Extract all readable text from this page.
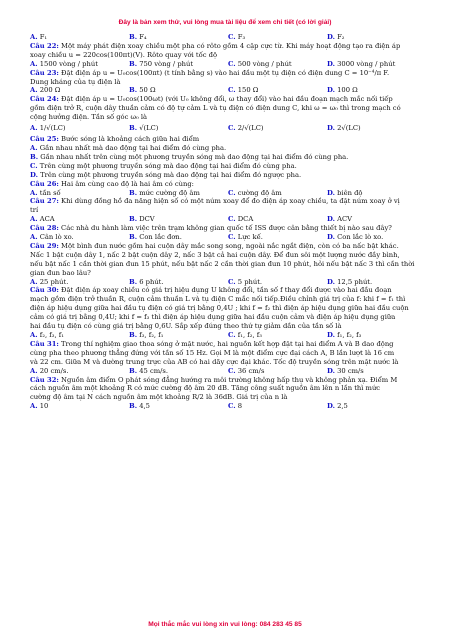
Đây là bản xem thử, vui lòng mua tài liệu để xem chi tiết (có lời giải)
A. F₁	B. F₄	C. F₃	D. F₂
Câu 22: Một máy phát điện xoay chiều một pha có rôto gồm 4 cặp cực từ. Khi máy hoạt động tạo ra điện áp
xoay chiều u = 220cos(100πt)(V). Rôto quay với tốc độ
A. 1500 vòng / phút	B. 750 vòng / phút	C. 500 vòng / phút	D. 3000 vòng / phút
Câu 23: Đặt điện áp u = U₀cos(100πt) (t tính bằng s) vào hai đầu một tụ điện có điện dung C = 10⁻⁴/π F.
Dung kháng của tụ điện là
A. 200 Ω	B. 50 Ω	C. 150 Ω	D. 100 Ω
Câu 24: Đặt điện áp u = U₀cos(100ωt) (với U₀ không đổi, ω thay đổi) vào hai đầu đoạn mạch mắc nối tiếp
gồm điện trở R, cuộn dây thuần cảm có độ tự cảm L và tụ điện có điện dung C, khi ω = ω₀ thì trong mạch có
cộng hưởng điện. Tần số góc ω₀ là
A. 1/√(LC)	B. √(LC)	C. 2/√(LC)	D. 2√(LC)
Câu 25: Bước sóng là khoảng cách giữa hai điểm
A. Gần nhau nhất mà dao động tại hai điểm đó cùng pha.
B. Gần nhau nhất trên cùng một phương truyền sóng mà dao động tại hai điểm đó cùng pha.
C. Trên cùng một phương truyền sóng mà dao động tại hai điểm đó cùng pha.
D. Trên cùng một phương truyền sóng mà dao động tại hai điểm đó ngược pha.
Câu 26: Hai âm cùng cao độ là hai âm có cùng:
A. tần số	B. mức cường độ âm	C. cường độ âm	D. biên độ
Câu 27: Khi dùng đồng hồ đa năng hiện số có một núm xoay để đo điện áp xoay chiều, ta đặt núm xoay ở vị
trí
A. ACA	B. DCV	C. DCA	D. ACV
Câu 28: Các nhà du hành làm việc trên trạm không gian quốc tế ISS được cân bằng thiết bị nào sau đây?
A. Cân lò xo.	B. Con lắc đơn.	C. Lực kế.	D. Con lắc lò xo.
Câu 29: Một bình đun nước gồm hai cuộn dây mắc song song, ngoài nắc ngắt điện, còn có ba nấc bật khác.
Nấc 1 bật cuộn dây 1, nấc 2 bật cuộn dây 2, nấc 3 bật cả hai cuộn dây. Để đun sôi một lượng nước đầy bình,
nếu bật nấc 1 cần thời gian đun 15 phút, nếu bật nấc 2 cần thời gian đun 10 phút, hỏi nếu bật nấc 3 thì cần thời
gian đun bao lâu?
A. 25 phút.	B. 6 phút.	C. 5 phút.	D. 12,5 phút.
Câu 30: Đặt điện áp xoay chiều có giá trị hiệu dụng U không đổi, tần số f thay đổi được vào hai đầu đoạn
mạch gồm điện trở thuần R, cuộn cảm thuần L và tụ điện C mắc nối tiếp.Điều chỉnh giá trị của f: khi f = f₁ thì
điện áp hiệu dụng giữa hai đầu tụ điện có giá trị bằng 0,4U ; khi f = f₂ thì điện áp hiệu dụng giữa hai đầu cuộn
cảm có giá trị bằng 0,4U; khi f = f₃ thì điện áp hiệu dụng giữa hai đầu cuộn cảm và điện áp hiệu dụng giữa
hai đầu tụ điện có cùng giá trị bằng 0,6U. Sắp xếp đúng theo thứ tự giảm dần của tần số là
A. f₂, f₃, f₁	B. f₃, f₂, f₁	C. f₁, f₂, f₃	D. f₁, f₂, f₃
Câu 31: Trong thí nghiệm giao thoa sóng ở mặt nước, hai nguồn kết hợp đặt tại hai điểm A và B dao động
cùng pha theo phương thẳng đứng với tần số 15 Hz. Gọi M là một điểm cực đại cách A, B lần lượt là 16 cm
và 22 cm. Giữa M và đường trung trực của AB có hai dãy cực đại khác. Tốc độ truyền sóng trên mặt nước là
A. 20 cm/s.	B. 45 cm/s.	C. 36 cm/s	D. 30 cm/s
Câu 32: Nguồn âm điểm O phát sóng đẳng hướng ra môi trường không hấp thụ và không phản xạ. Điểm M
cách nguồn âm một khoảng R có mức cường độ âm 20 dB. Tăng công suất nguồn âm lên n lần thì mức
cường độ âm tại N cách nguồn âm một khoảng R/2 là 36dB. Giá trị của n là
A. 10	B. 4,5	C. 8	D. 2,5
Mọi thắc mắc vui lòng xin vui lòng: 084 283 45 85
